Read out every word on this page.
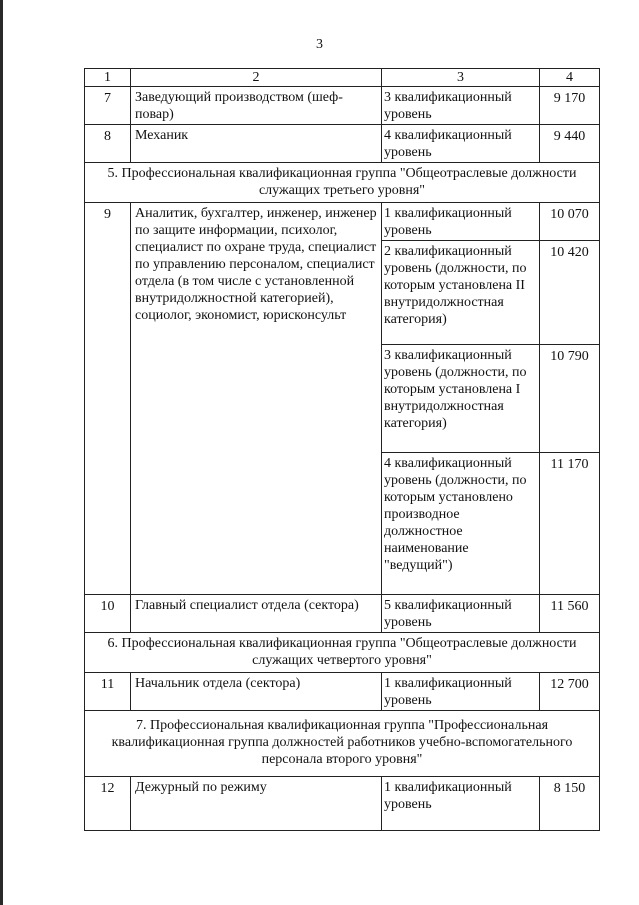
3
1	2	3	4
7	Заведующий производством (шеф-повар)	3 квалификационный уровень	9 170
8	Механик	4 квалификационный уровень	9 440
5. Профессиональная квалификационная группа "Общеотраслевые должности служащих третьего уровня"			
9	Аналитик, бухгалтер, инженер, инженер по защите информации, психолог, специалист по охране труда, специалист по управлению персоналом, специалист отдела (в том числе с установленной внутридолжностной категорией), социолог, экономист, юрисконсульт	1 квалификационный уровень	10 070
		2 квалификационный уровень (должности, по которым установлена II внутридолжностная категория)	10 420
		3 квалификационный уровень (должности, по которым установлена I внутридолжностная категория)	10 790
		4 квалификационный уровень (должности, по которым установлено производное должностное наименование "ведущий")	11 170
10	Главный специалист отдела (сектора)	5 квалификационный уровень	11 560
6. Профессиональная квалификационная группа "Общеотраслевые должности служащих четвертого уровня"			
11	Начальник отдела (сектора)	1 квалификационный уровень	12 700
7. Профессиональная квалификационная группа "Профессиональная квалификационная группа должностей работников учебно-вспомогательного персонала второго уровня"			
12	Дежурный по режиму	1 квалификационный уровень	8 150
